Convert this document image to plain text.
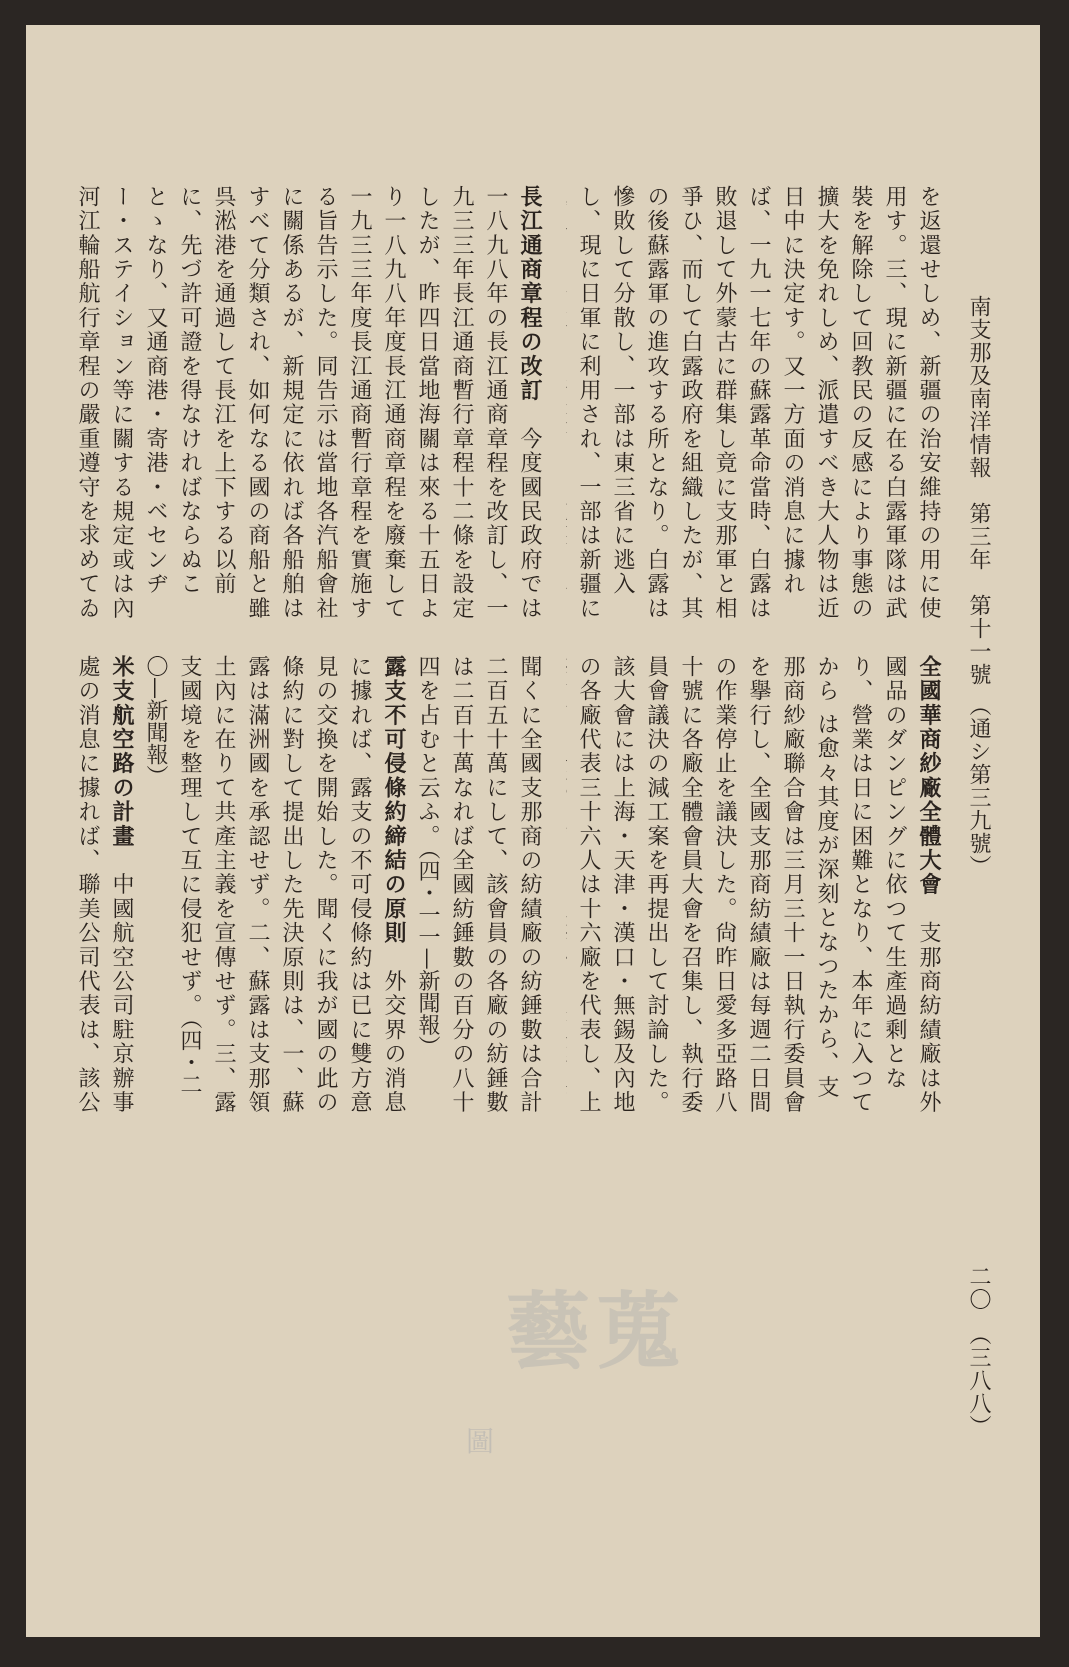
南支那及南洋情報　第三年　第十一號 （通シ第三九號）
二〇　（三八八）

を返還せしめ、新疆の治安維持の用に使用す。三、現に新疆に在る白露軍隊は武裝を解除して回教民の反感により事態の擴大を免れしめ、派遣すべき大人物は近日中に決定す。又一方面の消息に據れば、一九一七年の蘇露革命當時、白露は敗退して外蒙古に群集し竟に支那軍と相爭ひ、而して白露政府を組織したが、其の後蘇露軍の進攻する所となり。白露は慘敗して分散し、一部は東三省に逃入し、現に日軍に利用され、一部は新疆に

長江通商章程の改訂　今度國民政府では一八九八年の長江通商章程を改訂し、一九三三年長江通商暫行章程十二條を設定したが、昨四日當地海關は來る十五日より一八九八年度長江通商章程を廢棄して一九三三年度長江通商暫行章程を實施する旨告示した。同告示は當地各汽船會社に關係あるが、新規定に依れば各船舶はすべて分類され、如何なる國の商船と雖呉淞港を通過して長江を上下する以前に、先づ許可證を得なければならぬことゝなり、又通商港・寄港・ベセンヂー・ステイション等に關する規定或は內河江輪船航行章程の嚴重遵守を求めてゐ

全國華商紗廠全體大會　支那商紡績廠は外國品のダンピングに依つて生產過剩となり、營業は日に困難となり、本年に入つてから は愈々其度が深刻となつたから、支那商紗廠聯合會は三月三十一日執行委員會を擧行し、全國支那商紡績廠は每週二日間の作業停止を議決した。尙昨日愛多亞路八十號に各廠全體會員大會を召集し、執行委員會議決の減工案を再提出して討論した。該大會には上海・天津・漢口・無錫及內地の各廠代表三十六人は十六廠を代表し、上

聞くに全國支那商の紡績廠の紡錘數は合計二百五十萬にして、該會員の各廠の紡錘數は二百十萬なれば全國紡錘數の百分の八十四を占むと云ふ。（四・一一—新聞報）

露支不可侵條約締結の原則　外交界の消息に據れば、露支の不可侵條約は已に雙方意見の交換を開始した。聞くに我が國の此の條約に對して提出した先決原則は、一、蘇露は滿洲國を承認せず。二、蘇露は支那領土內に在りて共產主義を宣傳せず。三、露支國境を整理して互に侵犯せず。（四・二〇—新聞報）

米支航空路の計畫　中國航空公司駐京辦事處の消息に據れば、聯美公司代表は、該公

藝蒐
圖
